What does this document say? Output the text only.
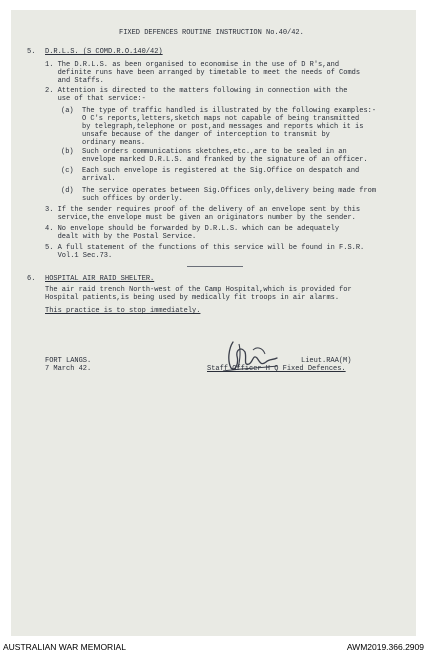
FIXED DEFENCES ROUTINE INSTRUCTION No.40/42.
5. D.R.L.S. (S COMD.R.O.140/42)
1. The D.R.L.S. as been organised to economise in the use of D R's,and
definite runs have been arranged by timetable to meet the needs of Comds
and Staffs.
2. Attention is directed to the matters following in connection with the
use of that service:-
(a)  The type of traffic handled is illustrated by the following examples:-
O C's reports,letters,sketch maps not capable of being transmitted
by telegraph,telephone or post,and messages and reports which it is
unsafe because of the danger of interception to transmit by
ordinary means.
(b)  Such orders communications sketches,etc.,are to be sealed in an
envelope marked D.R.L.S. and franked by the signature of an officer.
(c)  Each such envelope is registered at the Sig.Office on despatch and
arrival.
(d)  The service operates between Sig.Offices only,delivery being made from
such offices by orderly.
3. If the sender requires proof of the delivery of an envelope sent by this
service,the envelope must be given an originators number by the sender.
4. No envelope should be forwarded by D.R.L.S. which can be adequately
dealt with by the Postal Service.
5. A full statement of the functions of this service will be found in F.S.R.
Vol.1 Sec.73.
6. HOSPITAL AIR RAID SHELTER.
The air raid trench North-west of the Camp Hospital,which is provided for
Hospital patients,is being used by medically fit troops in air alarms.
This practice is to stop immediately.
FORT LANGS.
7 March 42.
Lieut.RAA(M)
Staff Officer H Q Fixed Defences.
AUSTRALIAN WAR MEMORIAL	AWM2019.366.2909
